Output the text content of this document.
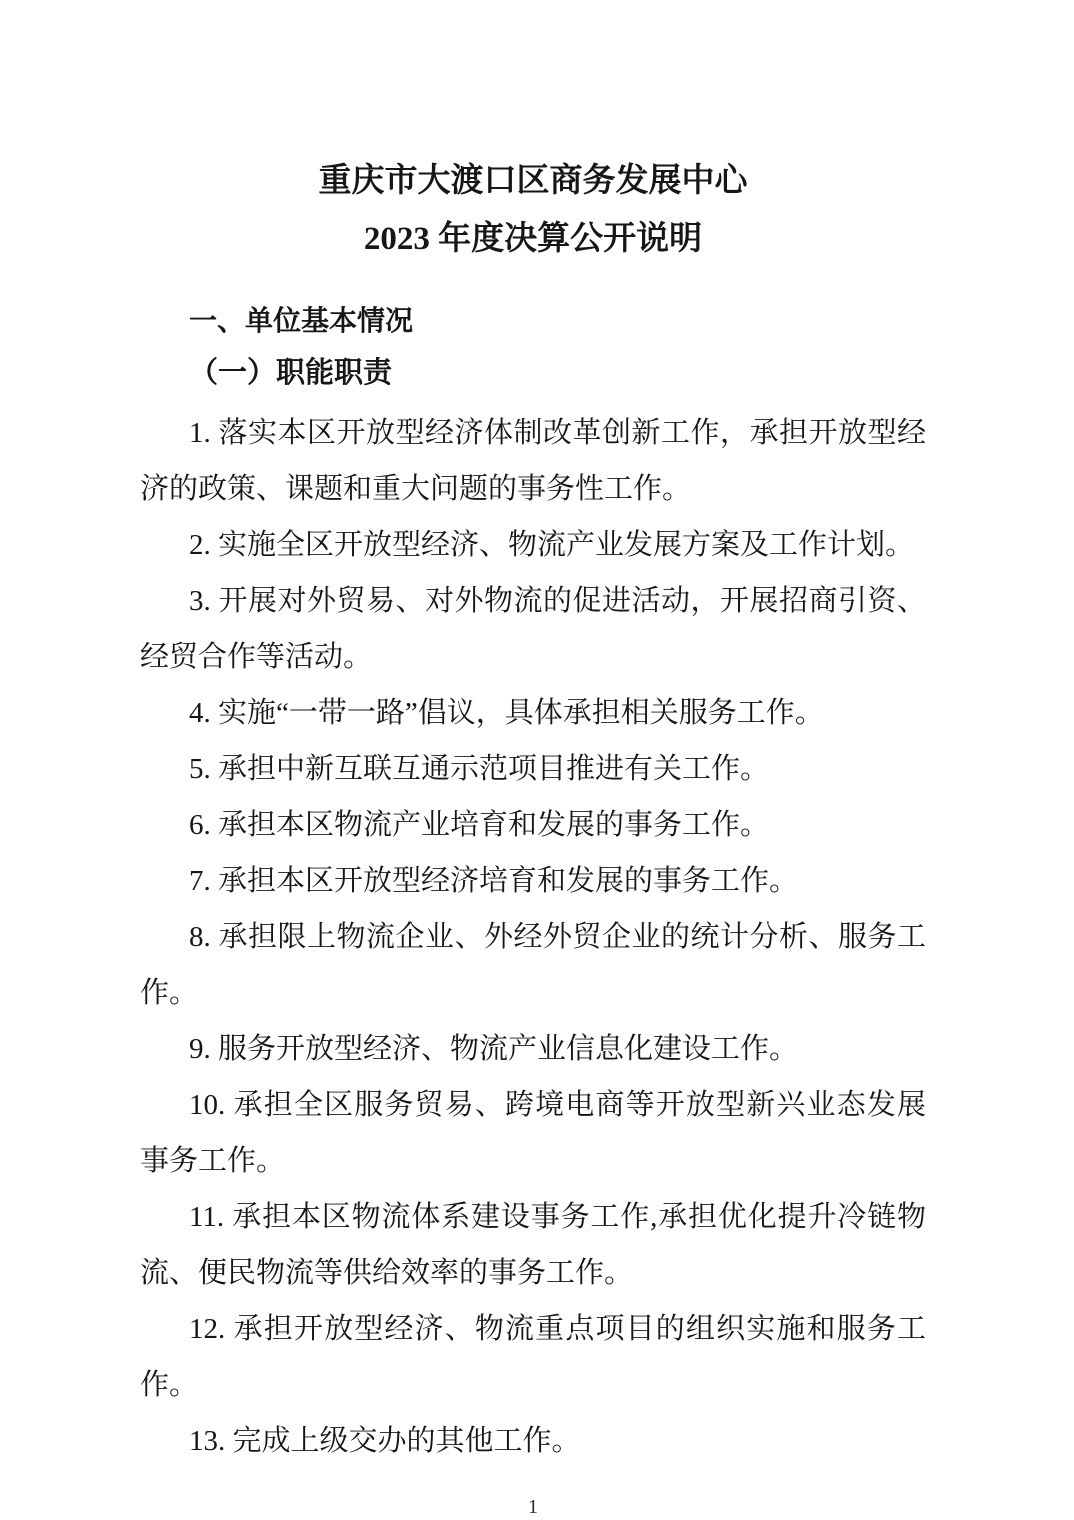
重庆市大渡口区商务发展中心
2023 年度决算公开说明
一、单位基本情况
（一）职能职责

1. 落实本区开放型经济体制改革创新工作，承担开放型经济的政策、课题和重大问题的事务性工作。

2. 实施全区开放型经济、物流产业发展方案及工作计划。

3. 开展对外贸易、对外物流的促进活动，开展招商引资、经贸合作等活动。

4. 实施“一带一路”倡议，具体承担相关服务工作。

5. 承担中新互联互通示范项目推进有关工作。

6. 承担本区物流产业培育和发展的事务工作。

7. 承担本区开放型经济培育和发展的事务工作。

8. 承担限上物流企业、外经外贸企业的统计分析、服务工作。

9. 服务开放型经济、物流产业信息化建设工作。

10. 承担全区服务贸易、跨境电商等开放型新兴业态发展事务工作。

11. 承担本区物流体系建设事务工作,承担优化提升冷链物流、便民物流等供给效率的事务工作。

12. 承担开放型经济、物流重点项目的组织实施和服务工作。

13. 完成上级交办的其他工作。

1
